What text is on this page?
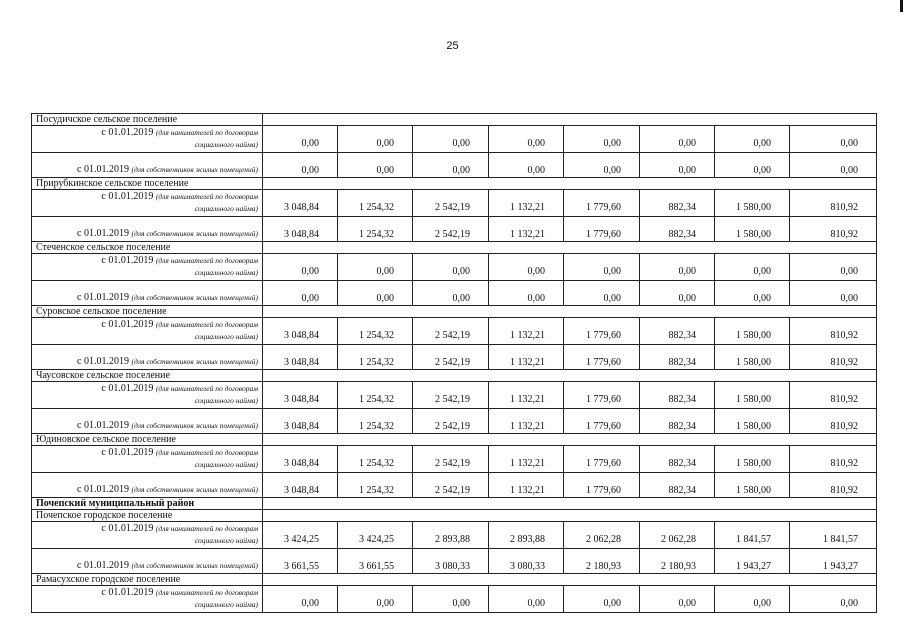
25
Посудичское сельское поселение								
с 01.01.2019 (для нанимателей по договорам
социального найма)	0,00	0,00	0,00	0,00	0,00	0,00	0,00	0,00
с 01.01.2019 (для собственников жилых помещений)	0,00	0,00	0,00	0,00	0,00	0,00	0,00	0,00
Прирубкинское сельское поселение								
с 01.01.2019 (для нанимателей по договорам
социального найма)	3 048,84	1 254,32	2 542,19	1 132,21	1 779,60	882,34	1 580,00	810,92
с 01.01.2019 (для собственников жилых помещений)	3 048,84	1 254,32	2 542,19	1 132,21	1 779,60	882,34	1 580,00	810,92
Стеченское сельское поселение								
с 01.01.2019 (для нанимателей по договорам
социального найма)	0,00	0,00	0,00	0,00	0,00	0,00	0,00	0,00
с 01.01.2019 (для собственников жилых помещений)	0,00	0,00	0,00	0,00	0,00	0,00	0,00	0,00
Суровское сельское поселение								
с 01.01.2019 (для нанимателей по договорам
социального найма)	3 048,84	1 254,32	2 542,19	1 132,21	1 779,60	882,34	1 580,00	810,92
с 01.01.2019 (для собственников жилых помещений)	3 048,84	1 254,32	2 542,19	1 132,21	1 779,60	882,34	1 580,00	810,92
Чаусовское сельское поселение								
с 01.01.2019 (для нанимателей по договорам
социального найма)	3 048,84	1 254,32	2 542,19	1 132,21	1 779,60	882,34	1 580,00	810,92
с 01.01.2019 (для собственников жилых помещений)	3 048,84	1 254,32	2 542,19	1 132,21	1 779,60	882,34	1 580,00	810,92
Юдиновское сельское поселение								
с 01.01.2019 (для нанимателей по договорам
социального найма)	3 048,84	1 254,32	2 542,19	1 132,21	1 779,60	882,34	1 580,00	810,92
с 01.01.2019 (для собственников жилых помещений)	3 048,84	1 254,32	2 542,19	1 132,21	1 779,60	882,34	1 580,00	810,92
Почепский муниципальный район								
Почепское городское поселение								
с 01.01.2019 (для нанимателей по договорам
социального найма)	3 424,25	3 424,25	2 893,88	2 893,88	2 062,28	2 062,28	1 841,57	1 841,57
с 01.01.2019 (для собственников жилых помещений)	3 661,55	3 661,55	3 080,33	3 080,33	2 180,93	2 180,93	1 943,27	1 943,27
Рамасухское городское поселение								
с 01.01.2019 (для нанимателей по договорам
социального найма)	0,00	0,00	0,00	0,00	0,00	0,00	0,00	0,00
